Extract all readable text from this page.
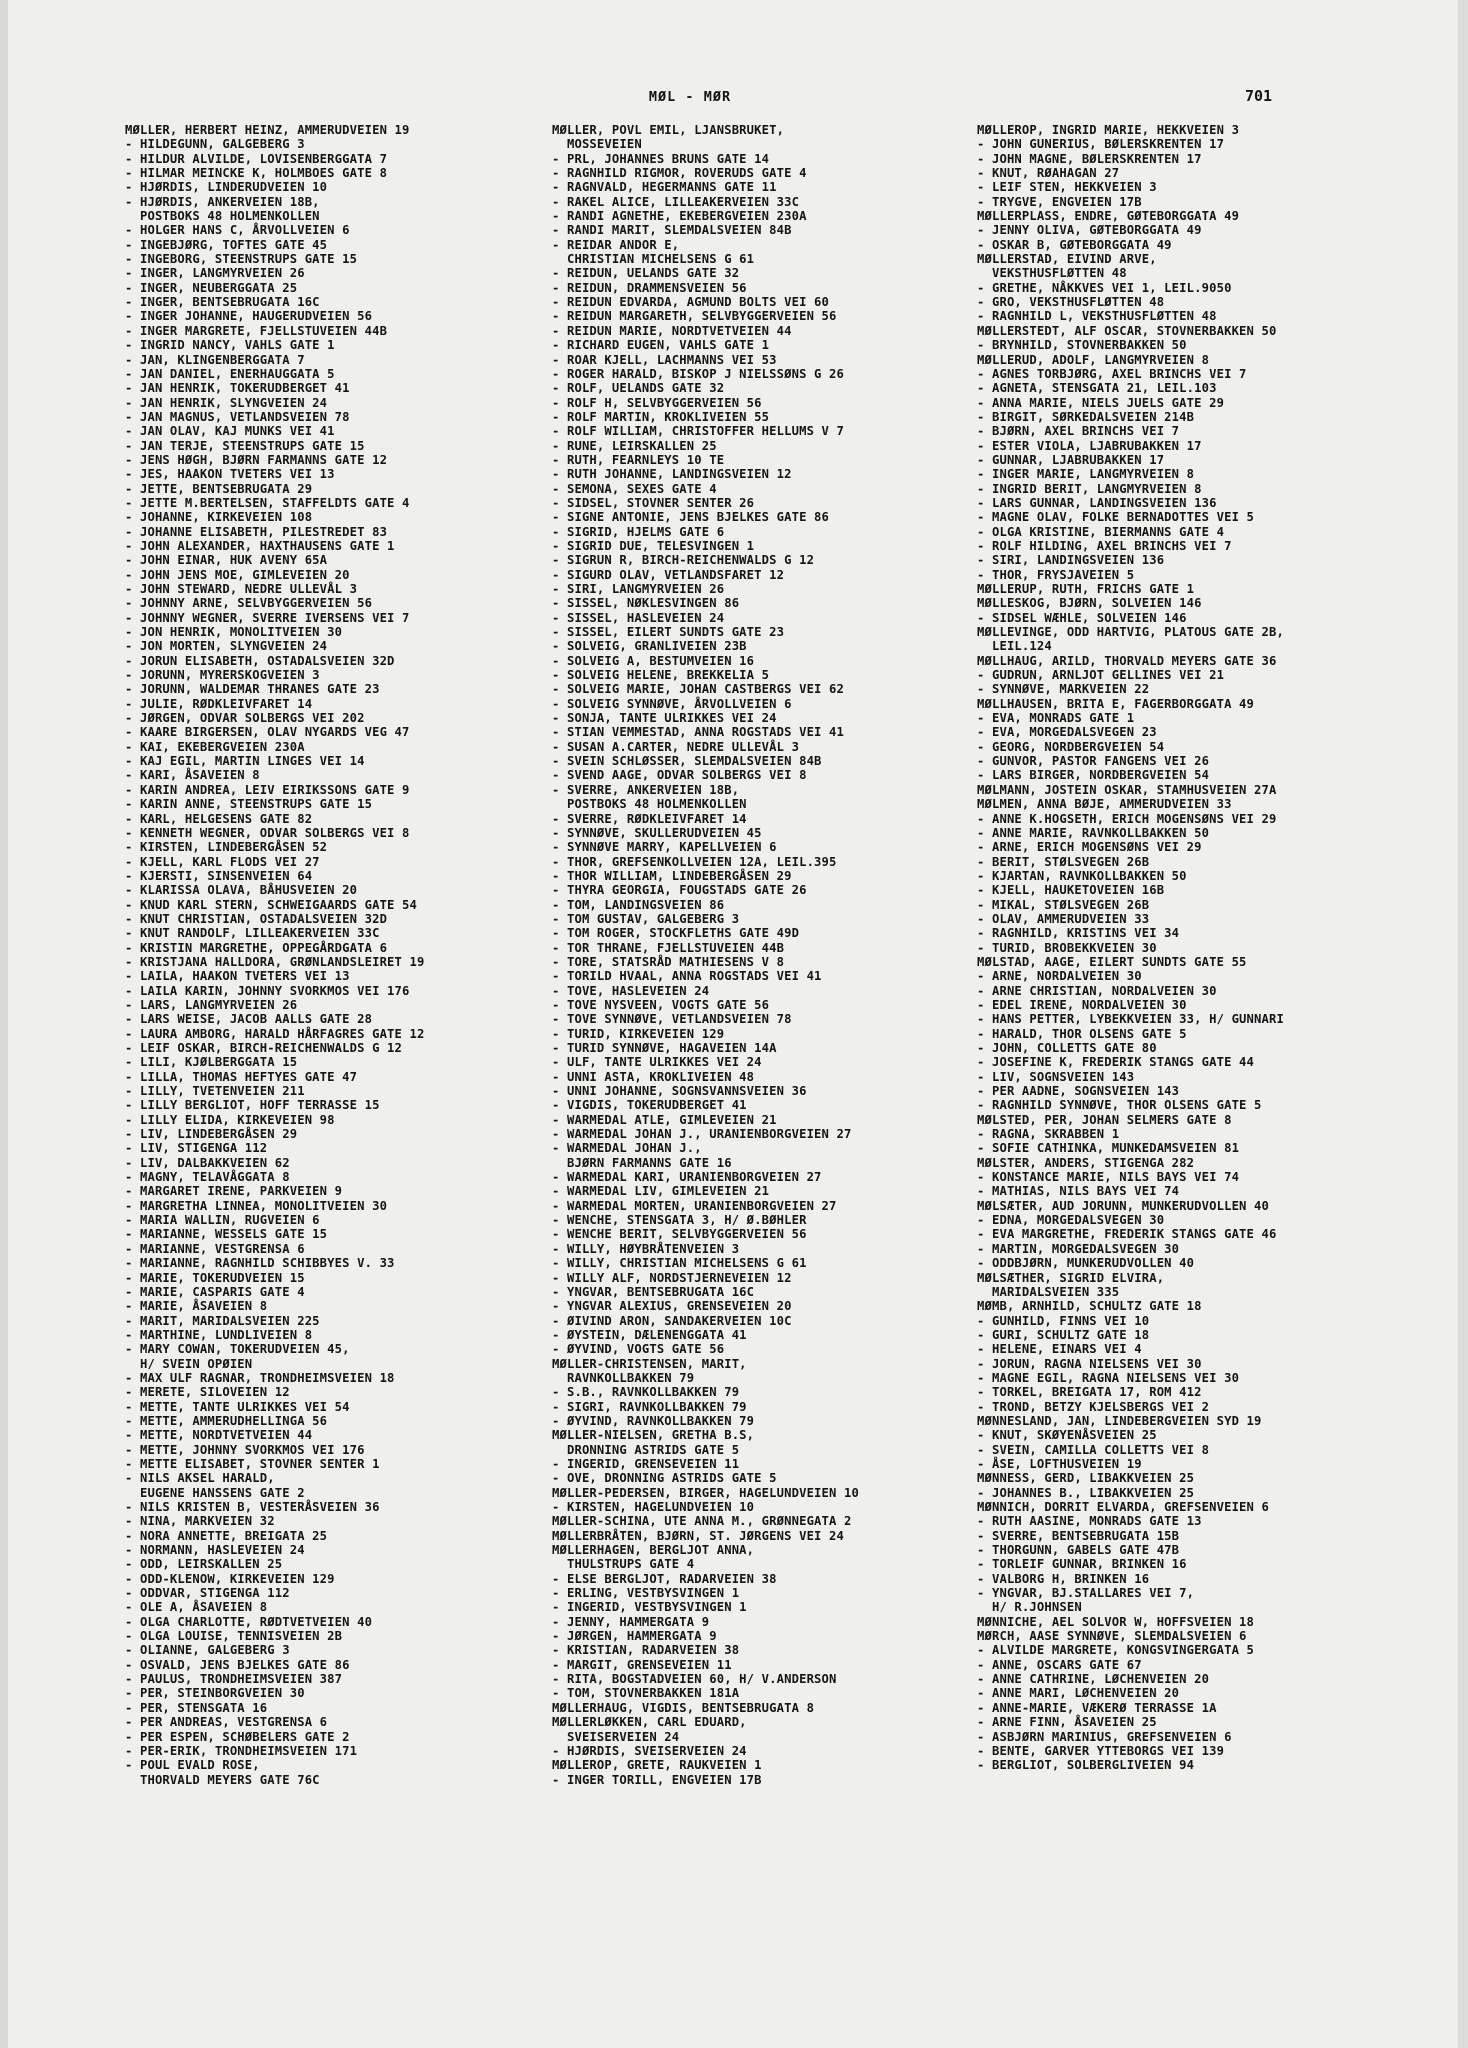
MØL - MØR	701
MØLLER, HERBERT HEINZ, AMMERUDVEIEN 19
- HILDEGUNN, GALGEBERG 3
- HILDUR ALVILDE, LOVISENBERGGATA 7
- HILMAR MEINCKE K, HOLMBOES GATE 8
- HJØRDIS, LINDERUDVEIEN 10
- HJØRDIS, ANKERVEIEN 18B,
POSTBOKS 48 HOLMENKOLLEN
- HOLGER HANS C, ÅRVOLLVEIEN 6
- INGEBJØRG, TOFTES GATE 45
- INGEBORG, STEENSTRUPS GATE 15
- INGER, LANGMYRVEIEN 26
- INGER, NEUBERGGATA 25
- INGER, BENTSEBRUGATA 16C
- INGER JOHANNE, HAUGERUDVEIEN 56
- INGER MARGRETE, FJELLSTUVEIEN 44B
- INGRID NANCY, VAHLS GATE 1
- JAN, KLINGENBERGGATA 7
- JAN DANIEL, ENERHAUGGATA 5
- JAN HENRIK, TOKERUDBERGET 41
- JAN HENRIK, SLYNGVEIEN 24
- JAN MAGNUS, VETLANDSVEIEN 78
- JAN OLAV, KAJ MUNKS VEI 41
- JAN TERJE, STEENSTRUPS GATE 15
- JENS HØGH, BJØRN FARMANNS GATE 12
- JES, HAAKON TVETERS VEI 13
- JETTE, BENTSEBRUGATA 29
- JETTE M.BERTELSEN, STAFFELDTS GATE 4
- JOHANNE, KIRKEVEIEN 108
- JOHANNE ELISABETH, PILESTREDET 83
- JOHN ALEXANDER, HAXTHAUSENS GATE 1
- JOHN EINAR, HUK AVENY 65A
- JOHN JENS MOE, GIMLEVEIEN 20
- JOHN STEWARD, NEDRE ULLEVÅL 3
- JOHNNY ARNE, SELVBYGGERVEIEN 56
- JOHNNY WEGNER, SVERRE IVERSENS VEI 7
- JON HENRIK, MONOLITVEIEN 30
- JON MORTEN, SLYNGVEIEN 24
- JORUN ELISABETH, OSTADALSVEIEN 32D
- JORUNN, MYRERSKOGVEIEN 3
- JORUNN, WALDEMAR THRANES GATE 23
- JULIE, RØDKLEIVFARET 14
- JØRGEN, ODVAR SOLBERGS VEI 202
- KAARE BIRGERSEN, OLAV NYGARDS VEG 47
- KAI, EKEBERGVEIEN 230A
- KAJ EGIL, MARTIN LINGES VEI 14
- KARI, ÅSAVEIEN 8
- KARIN ANDREA, LEIV EIRIKSSONS GATE 9
- KARIN ANNE, STEENSTRUPS GATE 15
- KARL, HELGESENS GATE 82
- KENNETH WEGNER, ODVAR SOLBERGS VEI 8
- KIRSTEN, LINDEBERGÅSEN 52
- KJELL, KARL FLODS VEI 27
- KJERSTI, SINSENVEIEN 64
- KLARISSA OLAVA, BÅHUSVEIEN 20
- KNUD KARL STERN, SCHWEIGAARDS GATE 54
- KNUT CHRISTIAN, OSTADALSVEIEN 32D
- KNUT RANDOLF, LILLEAKERVEIEN 33C
- KRISTIN MARGRETHE, OPPEGÅRDGATA 6
- KRISTJANA HALLDORA, GRØNLANDSLEIRET 19
- LAILA, HAAKON TVETERS VEI 13
- LAILA KARIN, JOHNNY SVORKMOS VEI 176
- LARS, LANGMYRVEIEN 26
- LARS WEISE, JACOB AALLS GATE 28
- LAURA AMBORG, HARALD HÅRFAGRES GATE 12
- LEIF OSKAR, BIRCH-REICHENWALDS G 12
- LILI, KJØLBERGGATA 15
- LILLA, THOMAS HEFTYES GATE 47
- LILLY, TVETENVEIEN 211
- LILLY BERGLIOT, HOFF TERRASSE 15
- LILLY ELIDA, KIRKEVEIEN 98
- LIV, LINDEBERGÅSEN 29
- LIV, STIGENGA 112
- LIV, DALBAKKVEIEN 62
- MAGNY, TELAVÅGGATA 8
- MARGARET IRENE, PARKVEIEN 9
- MARGRETHA LINNEA, MONOLITVEIEN 30
- MARIA WALLIN, RUGVEIEN 6
- MARIANNE, WESSELS GATE 15
- MARIANNE, VESTGRENSA 6
- MARIANNE, RAGNHILD SCHIBBYES V. 33
- MARIE, TOKERUDVEIEN 15
- MARIE, CASPARIS GATE 4
- MARIE, ÅSAVEIEN 8
- MARIT, MARIDALSVEIEN 225
- MARTHINE, LUNDLIVEIEN 8
- MARY COWAN, TOKERUDVEIEN 45,
H/ SVEIN OPØIEN
- MAX ULF RAGNAR, TRONDHEIMSVEIEN 18
- MERETE, SILOVEIEN 12
- METTE, TANTE ULRIKKES VEI 54
- METTE, AMMERUDHELLINGA 56
- METTE, NORDTVETVEIEN 44
- METTE, JOHNNY SVORKMOS VEI 176
- METTE ELISABET, STOVNER SENTER 1
- NILS AKSEL HARALD,
EUGENE HANSSENS GATE 2
- NILS KRISTEN B, VESTERÅSVEIEN 36
- NINA, MARKVEIEN 32
- NORA ANNETTE, BREIGATA 25
- NORMANN, HASLEVEIEN 24
- ODD, LEIRSKALLEN 25
- ODD-KLENOW, KIRKEVEIEN 129
- ODDVAR, STIGENGA 112
- OLE A, ÅSAVEIEN 8
- OLGA CHARLOTTE, RØDTVETVEIEN 40
- OLGA LOUISE, TENNISVEIEN 2B
- OLIANNE, GALGEBERG 3
- OSVALD, JENS BJELKES GATE 86
- PAULUS, TRONDHEIMSVEIEN 387
- PER, STEINBORGVEIEN 30
- PER, STENSGATA 16
- PER ANDREAS, VESTGRENSA 6
- PER ESPEN, SCHØBELERS GATE 2
- PER-ERIK, TRONDHEIMSVEIEN 171
- POUL EVALD ROSE,
THORVALD MEYERS GATE 76C
MØLLER, POVL EMIL, LJANSBRUKET,
MOSSEVEIEN
- PRL, JOHANNES BRUNS GATE 14
- RAGNHILD RIGMOR, ROVERUDS GATE 4
- RAGNVALD, HEGERMANNS GATE 11
- RAKEL ALICE, LILLEAKERVEIEN 33C
- RANDI AGNETHE, EKEBERGVEIEN 230A
- RANDI MARIT, SLEMDALSVEIEN 84B
- REIDAR ANDOR E,
CHRISTIAN MICHELSENS G 61
- REIDUN, UELANDS GATE 32
- REIDUN, DRAMMENSVEIEN 56
- REIDUN EDVARDA, AGMUND BOLTS VEI 60
- REIDUN MARGARETH, SELVBYGGERVEIEN 56
- REIDUN MARIE, NORDTVETVEIEN 44
- RICHARD EUGEN, VAHLS GATE 1
- ROAR KJELL, LACHMANNS VEI 53
- ROGER HARALD, BISKOP J NIELSSØNS G 26
- ROLF, UELANDS GATE 32
- ROLF H, SELVBYGGERVEIEN 56
- ROLF MARTIN, KROKLIVEIEN 55
- ROLF WILLIAM, CHRISTOFFER HELLUMS V 7
- RUNE, LEIRSKALLEN 25
- RUTH, FEARNLEYS 10 TE
- RUTH JOHANNE, LANDINGSVEIEN 12
- SEMONA, SEXES GATE 4
- SIDSEL, STOVNER SENTER 26
- SIGNE ANTONIE, JENS BJELKES GATE 86
- SIGRID, HJELMS GATE 6
- SIGRID DUE, TELESVINGEN 1
- SIGRUN R, BIRCH-REICHENWALDS G 12
- SIGURD OLAV, VETLANDSFARET 12
- SIRI, LANGMYRVEIEN 26
- SISSEL, NØKLESVINGEN 86
- SISSEL, HASLEVEIEN 24
- SISSEL, EILERT SUNDTS GATE 23
- SOLVEIG, GRANLIVEIEN 23B
- SOLVEIG A, BESTUMVEIEN 16
- SOLVEIG HELENE, BREKKELIA 5
- SOLVEIG MARIE, JOHAN CASTBERGS VEI 62
- SOLVEIG SYNNØVE, ÅRVOLLVEIEN 6
- SONJA, TANTE ULRIKKES VEI 24
- STIAN VEMMESTAD, ANNA ROGSTADS VEI 41
- SUSAN A.CARTER, NEDRE ULLEVÅL 3
- SVEIN SCHLØSSER, SLEMDALSVEIEN 84B
- SVEND AAGE, ODVAR SOLBERGS VEI 8
- SVERRE, ANKERVEIEN 18B,
POSTBOKS 48 HOLMENKOLLEN
- SVERRE, RØDKLEIVFARET 14
- SYNNØVE, SKULLERUDVEIEN 45
- SYNNØVE MARRY, KAPELLVEIEN 6
- THOR, GREFSENKOLLVEIEN 12A, LEIL.395
- THOR WILLIAM, LINDEBERGÅSEN 29
- THYRA GEORGIA, FOUGSTADS GATE 26
- TOM, LANDINGSVEIEN 86
- TOM GUSTAV, GALGEBERG 3
- TOM ROGER, STOCKFLETHS GATE 49D
- TOR THRANE, FJELLSTUVEIEN 44B
- TORE, STATSRÅD MATHIESENS V 8
- TORILD HVAAL, ANNA ROGSTADS VEI 41
- TOVE, HASLEVEIEN 24
- TOVE NYSVEEN, VOGTS GATE 56
- TOVE SYNNØVE, VETLANDSVEIEN 78
- TURID, KIRKEVEIEN 129
- TURID SYNNØVE, HAGAVEIEN 14A
- ULF, TANTE ULRIKKES VEI 24
- UNNI ASTA, KROKLIVEIEN 48
- UNNI JOHANNE, SOGNSVANNSVEIEN 36
- VIGDIS, TOKERUDBERGET 41
- WARMEDAL ATLE, GIMLEVEIEN 21
- WARMEDAL JOHAN J., URANIENBORGVEIEN 27
- WARMEDAL JOHAN J.,
BJØRN FARMANNS GATE 16
- WARMEDAL KARI, URANIENBORGVEIEN 27
- WARMEDAL LIV, GIMLEVEIEN 21
- WARMEDAL MORTEN, URANIENBORGVEIEN 27
- WENCHE, STENSGATA 3, H/ Ø.BØHLER
- WENCHE BERIT, SELVBYGGERVEIEN 56
- WILLY, HØYBRÅTENVEIEN 3
- WILLY, CHRISTIAN MICHELSENS G 61
- WILLY ALF, NORDSTJERNEVEIEN 12
- YNGVAR, BENTSEBRUGATA 16C
- YNGVAR ALEXIUS, GRENSEVEIEN 20
- ØIVIND ARON, SANDAKERVEIEN 10C
- ØYSTEIN, DÆLENENGGATA 41
- ØYVIND, VOGTS GATE 56
MØLLER-CHRISTENSEN, MARIT,
RAVNKOLLBAKKEN 79
- S.B., RAVNKOLLBAKKEN 79
- SIGRI, RAVNKOLLBAKKEN 79
- ØYVIND, RAVNKOLLBAKKEN 79
MØLLER-NIELSEN, GRETHA B.S,
DRONNING ASTRIDS GATE 5
- INGERID, GRENSEVEIEN 11
- OVE, DRONNING ASTRIDS GATE 5
MØLLER-PEDERSEN, BIRGER, HAGELUNDVEIEN 10
- KIRSTEN, HAGELUNDVEIEN 10
MØLLER-SCHINA, UTE ANNA M., GRØNNEGATA 2
MØLLERBRÅTEN, BJØRN, ST. JØRGENS VEI 24
MØLLERHAGEN, BERGLJOT ANNA,
THULSTRUPS GATE 4
- ELSE BERGLJOT, RADARVEIEN 38
- ERLING, VESTBYSVINGEN 1
- INGERID, VESTBYSVINGEN 1
- JENNY, HAMMERGATA 9
- JØRGEN, HAMMERGATA 9
- KRISTIAN, RADARVEIEN 38
- MARGIT, GRENSEVEIEN 11
- RITA, BOGSTADVEIEN 60, H/ V.ANDERSON
- TOM, STOVNERBAKKEN 181A
MØLLERHAUG, VIGDIS, BENTSEBRUGATA 8
MØLLERLØKKEN, CARL EDUARD,
SVEISERVEIEN 24
- HJØRDIS, SVEISERVEIEN 24
MØLLEROP, GRETE, RAUKVEIEN 1
- INGER TORILL, ENGVEIEN 17B
MØLLEROP, INGRID MARIE, HEKKVEIEN 3
- JOHN GUNERIUS, BØLERSKRENTEN 17
- JOHN MAGNE, BØLERSKRENTEN 17
- KNUT, RØAHAGAN 27
- LEIF STEN, HEKKVEIEN 3
- TRYGVE, ENGVEIEN 17B
MØLLERPLASS, ENDRE, GØTEBORGGATA 49
- JENNY OLIVA, GØTEBORGGATA 49
- OSKAR B, GØTEBORGGATA 49
MØLLERSTAD, EIVIND ARVE,
VEKSTHUSFLØTTEN 48
- GRETHE, NÅKKVES VEI 1, LEIL.9050
- GRO, VEKSTHUSFLØTTEN 48
- RAGNHILD L, VEKSTHUSFLØTTEN 48
MØLLERSTEDT, ALF OSCAR, STOVNERBAKKEN 50
- BRYNHILD, STOVNERBAKKEN 50
MØLLERUD, ADOLF, LANGMYRVEIEN 8
- AGNES TORBJØRG, AXEL BRINCHS VEI 7
- AGNETA, STENSGATA 21, LEIL.103
- ANNA MARIE, NIELS JUELS GATE 29
- BIRGIT, SØRKEDALSVEIEN 214B
- BJØRN, AXEL BRINCHS VEI 7
- ESTER VIOLA, LJABRUBAKKEN 17
- GUNNAR, LJABRUBAKKEN 17
- INGER MARIE, LANGMYRVEIEN 8
- INGRID BERIT, LANGMYRVEIEN 8
- LARS GUNNAR, LANDINGSVEIEN 136
- MAGNE OLAV, FOLKE BERNADOTTES VEI 5
- OLGA KRISTINE, BIERMANNS GATE 4
- ROLF HILDING, AXEL BRINCHS VEI 7
- SIRI, LANDINGSVEIEN 136
- THOR, FRYSJAVEIEN 5
MØLLERUP, RUTH, FRICHS GATE 1
MØLLESKOG, BJØRN, SOLVEIEN 146
- SIDSEL WÆHLE, SOLVEIEN 146
MØLLEVINGE, ODD HARTVIG, PLATOUS GATE 2B,
LEIL.124
MØLLHAUG, ARILD, THORVALD MEYERS GATE 36
- GUDRUN, ARNLJOT GELLINES VEI 21
- SYNNØVE, MARKVEIEN 22
MØLLHAUSEN, BRITA E, FAGERBORGGATA 49
- EVA, MONRADS GATE 1
- EVA, MORGEDALSVEGEN 23
- GEORG, NORDBERGVEIEN 54
- GUNVOR, PASTOR FANGENS VEI 26
- LARS BIRGER, NORDBERGVEIEN 54
MØLMANN, JOSTEIN OSKAR, STAMHUSVEIEN 27A
MØLMEN, ANNA BØJE, AMMERUDVEIEN 33
- ANNE K.HOGSETH, ERICH MOGENSØNS VEI 29
- ANNE MARIE, RAVNKOLLBAKKEN 50
- ARNE, ERICH MOGENSØNS VEI 29
- BERIT, STØLSVEGEN 26B
- KJARTAN, RAVNKOLLBAKKEN 50
- KJELL, HAUKETOVEIEN 16B
- MIKAL, STØLSVEGEN 26B
- OLAV, AMMERUDVEIEN 33
- RAGNHILD, KRISTINS VEI 34
- TURID, BROBEKKVEIEN 30
MØLSTAD, AAGE, EILERT SUNDTS GATE 55
- ARNE, NORDALVEIEN 30
- ARNE CHRISTIAN, NORDALVEIEN 30
- EDEL IRENE, NORDALVEIEN 30
- HANS PETTER, LYBEKKVEIEN 33, H/ GUNNARI
- HARALD, THOR OLSENS GATE 5
- JOHN, COLLETTS GATE 80
- JOSEFINE K, FREDERIK STANGS GATE 44
- LIV, SOGNSVEIEN 143
- PER AADNE, SOGNSVEIEN 143
- RAGNHILD SYNNØVE, THOR OLSENS GATE 5
MØLSTED, PER, JOHAN SELMERS GATE 8
- RAGNA, SKRABBEN 1
- SOFIE CATHINKA, MUNKEDAMSVEIEN 81
MØLSTER, ANDERS, STIGENGA 282
- KONSTANCE MARIE, NILS BAYS VEI 74
- MATHIAS, NILS BAYS VEI 74
MØLSÆTER, AUD JORUNN, MUNKERUDVOLLEN 40
- EDNA, MORGEDALSVEGEN 30
- EVA MARGRETHE, FREDERIK STANGS GATE 46
- MARTIN, MORGEDALSVEGEN 30
- ODDBJØRN, MUNKERUDVOLLEN 40
MØLSÆTHER, SIGRID ELVIRA,
MARIDALSVEIEN 335
MØMB, ARNHILD, SCHULTZ GATE 18
- GUNHILD, FINNS VEI 10
- GURI, SCHULTZ GATE 18
- HELENE, EINARS VEI 4
- JORUN, RAGNA NIELSENS VEI 30
- MAGNE EGIL, RAGNA NIELSENS VEI 30
- TORKEL, BREIGATA 17, ROM 412
- TROND, BETZY KJELSBERGS VEI 2
MØNNESLAND, JAN, LINDEBERGVEIEN SYD 19
- KNUT, SKØYENÅSVEIEN 25
- SVEIN, CAMILLA COLLETTS VEI 8
- ÅSE, LOFTHUSVEIEN 19
MØNNESS, GERD, LIBAKKVEIEN 25
- JOHANNES B., LIBAKKVEIEN 25
MØNNICH, DORRIT ELVARDA, GREFSENVEIEN 6
- RUTH AASINE, MONRADS GATE 13
- SVERRE, BENTSEBRUGATA 15B
- THORGUNN, GABELS GATE 47B
- TORLEIF GUNNAR, BRINKEN 16
- VALBORG H, BRINKEN 16
- YNGVAR, BJ.STALLARES VEI 7,
H/ R.JOHNSEN
MØNNICHE, AEL SOLVOR W, HOFFSVEIEN 18
MØRCH, AASE SYNNØVE, SLEMDALSVEIEN 6
- ALVILDE MARGRETE, KONGSVINGERGATA 5
- ANNE, OSCARS GATE 67
- ANNE CATHRINE, LØCHENVEIEN 20
- ANNE MARI, LØCHENVEIEN 20
- ANNE-MARIE, VÆKERØ TERRASSE 1A
- ARNE FINN, ÅSAVEIEN 25
- ASBJØRN MARINIUS, GREFSENVEIEN 6
- BENTE, GARVER YTTEBORGS VEI 139
- BERGLIOT, SOLBERGLIVEIEN 94
